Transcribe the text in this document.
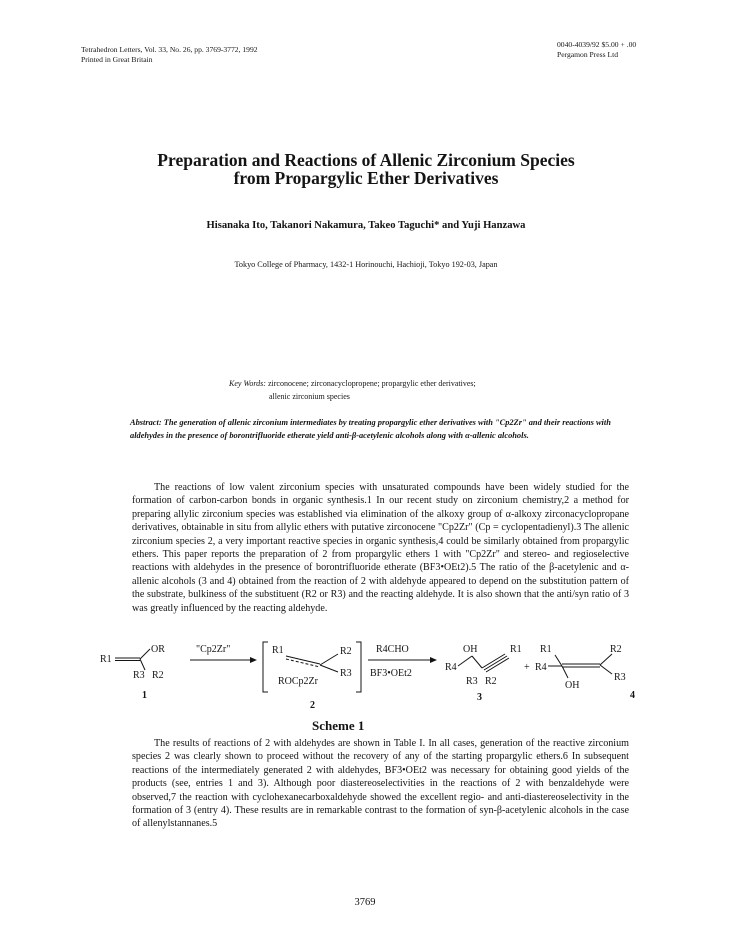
Tetrahedron Letters, Vol. 33, No. 26, pp. 3769-3772, 1992
Printed in Great Britain
0040-4039/92 $5.00 + .00
Pergamon Press Ltd
Preparation and Reactions of Allenic Zirconium Species
from Propargylic Ether Derivatives
Hisanaka Ito, Takanori Nakamura, Takeo Taguchi* and Yuji Hanzawa
Tokyo College of Pharmacy, 1432-1 Horinouchi, Hachioji, Tokyo 192-03, Japan
Key Words: zirconocene; zirconacyclopropene; propargylic ether derivatives;
allenic zirconium species
Abstract: The generation of allenic zirconium intermediates by treating propargylic ether derivatives with "Cp2Zr" and their reactions with aldehydes in the presence of borontrifluoride etherate yield anti-β-acetylenic alcohols along with α-allenic alcohols.

The reactions of low valent zirconium species with unsaturated compounds have been widely studied for the formation of carbon-carbon bonds in organic synthesis.1 In our recent study on zirconium chemistry,2 a method for preparing allylic zirconium species was established via elimination of the alkoxy group of α-alkoxy zirconacyclopropane derivatives, obtainable in situ from allylic ethers with putative zirconocene "Cp2Zr" (Cp = cyclopentadienyl).3 The allenic zirconium species 2, a very important reactive species in organic synthesis,4 could be similarly obtained from propargylic ethers. This paper reports the preparation of 2 from propargylic ethers 1 with "Cp2Zr" and stereo- and regioselective reactions with aldehydes in the presence of borontrifluoride etherate (BF3•OEt2).5 The ratio of the β-acetylenic and α-allenic alcohols (3 and 4) obtained from the reaction of 2 with aldehyde appeared to depend on the substitution pattern of the substrate, bulkiness of the substituent (R2 or R3) and the reacting aldehyde. It is also shown that the anti/syn ratio of 3 was greatly influenced by the reacting aldehyde.

R1
OR
R3 R2
1
"Cp2Zr"	R1	R2
R3
ROCp2Zr
2
R4CHO
BF3•OEt2
R4
OH	R1
R3 R2
3
+
R1
R4
OH
R2
R3
4
Scheme 1

The results of reactions of 2 with aldehydes are shown in Table I. In all cases, generation of the reactive zirconium species 2 was clearly shown to proceed without the recovery of any of the starting propargylic ethers.6 In subsequent reactions of the intermediately generated 2 with aldehydes, BF3•OEt2 was necessary for obtaining good yields of the products (see, entries 1 and 3). Although poor diastereoselectivities in the reactions of 2 with benzaldehyde were observed,7 the reaction with cyclohexanecarboxaldehyde showed the excellent regio- and anti-diastereoselectivity in the formation of 3 (entry 4). These results are in remarkable contrast to the formation of syn-β-acetylenic alcohols in the case of allenylstannanes.5

3769
